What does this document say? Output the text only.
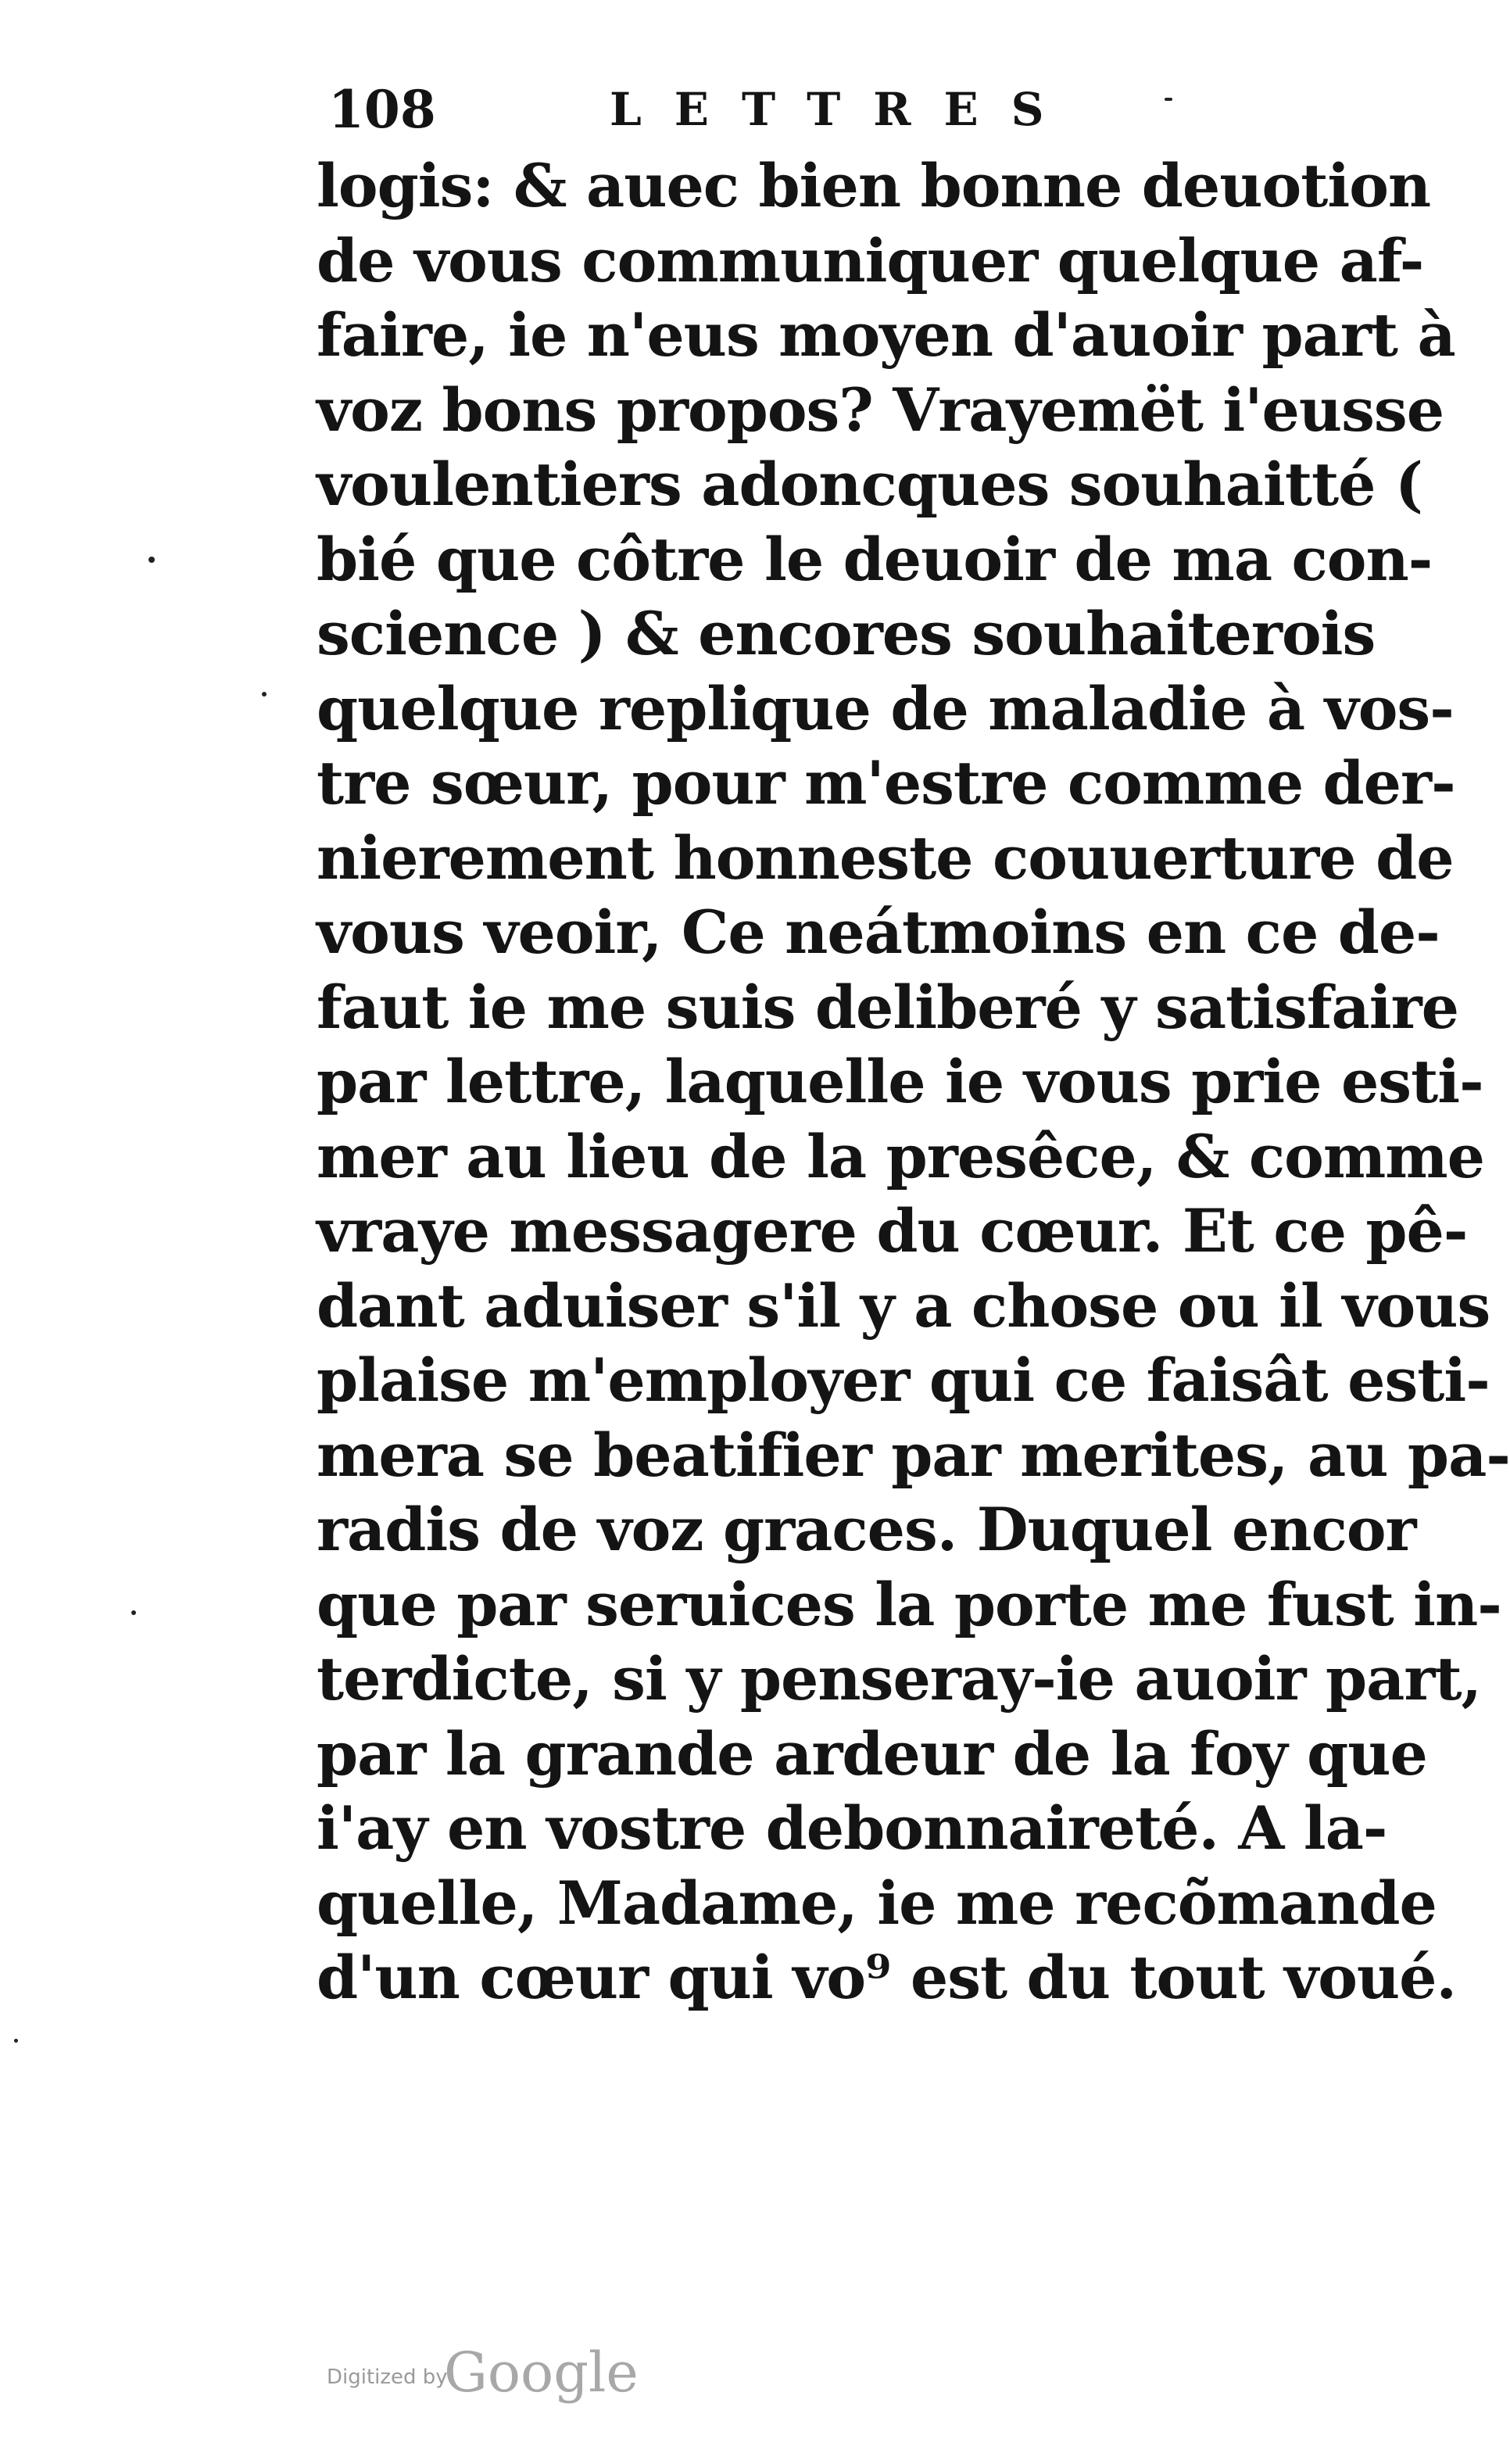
108	LETTRES
logis: & auec bien bonne deuotion
de vous communiquer quelque af-
faire, ie n'eus moyen d'auoir part à
voz bons propos? Vrayemët i'eusse
voulentiers adoncques souhaitté (
bié que côtre le deuoir de ma con-
science ) & encores souhaiterois
quelque replique de maladie à vos-
tre sœur, pour m'estre comme der-
nierement honneste couuerture de
vous veoir, Ce neátmoins en ce de-
faut ie me suis deliberé y satisfaire
par lettre, laquelle ie vous prie esti-
mer au lieu de la presêce, & comme
vraye messagere du cœur. Et ce pê-
dant aduiser s'il y a chose ou il vous
plaise m'employer qui ce faisât esti-
mera se beatifier par merites, au pa-
radis de voz graces. Duquel encor
que par seruices la porte me fust in-
terdicte, si y penseray-ie auoir part,
par la grande ardeur de la foy que
i'ay en vostre debonnaireté. A la-
quelle, Madame, ie me recõmande
d'un cœur qui vo⁹ est du tout voué.
Digitized by
Google
